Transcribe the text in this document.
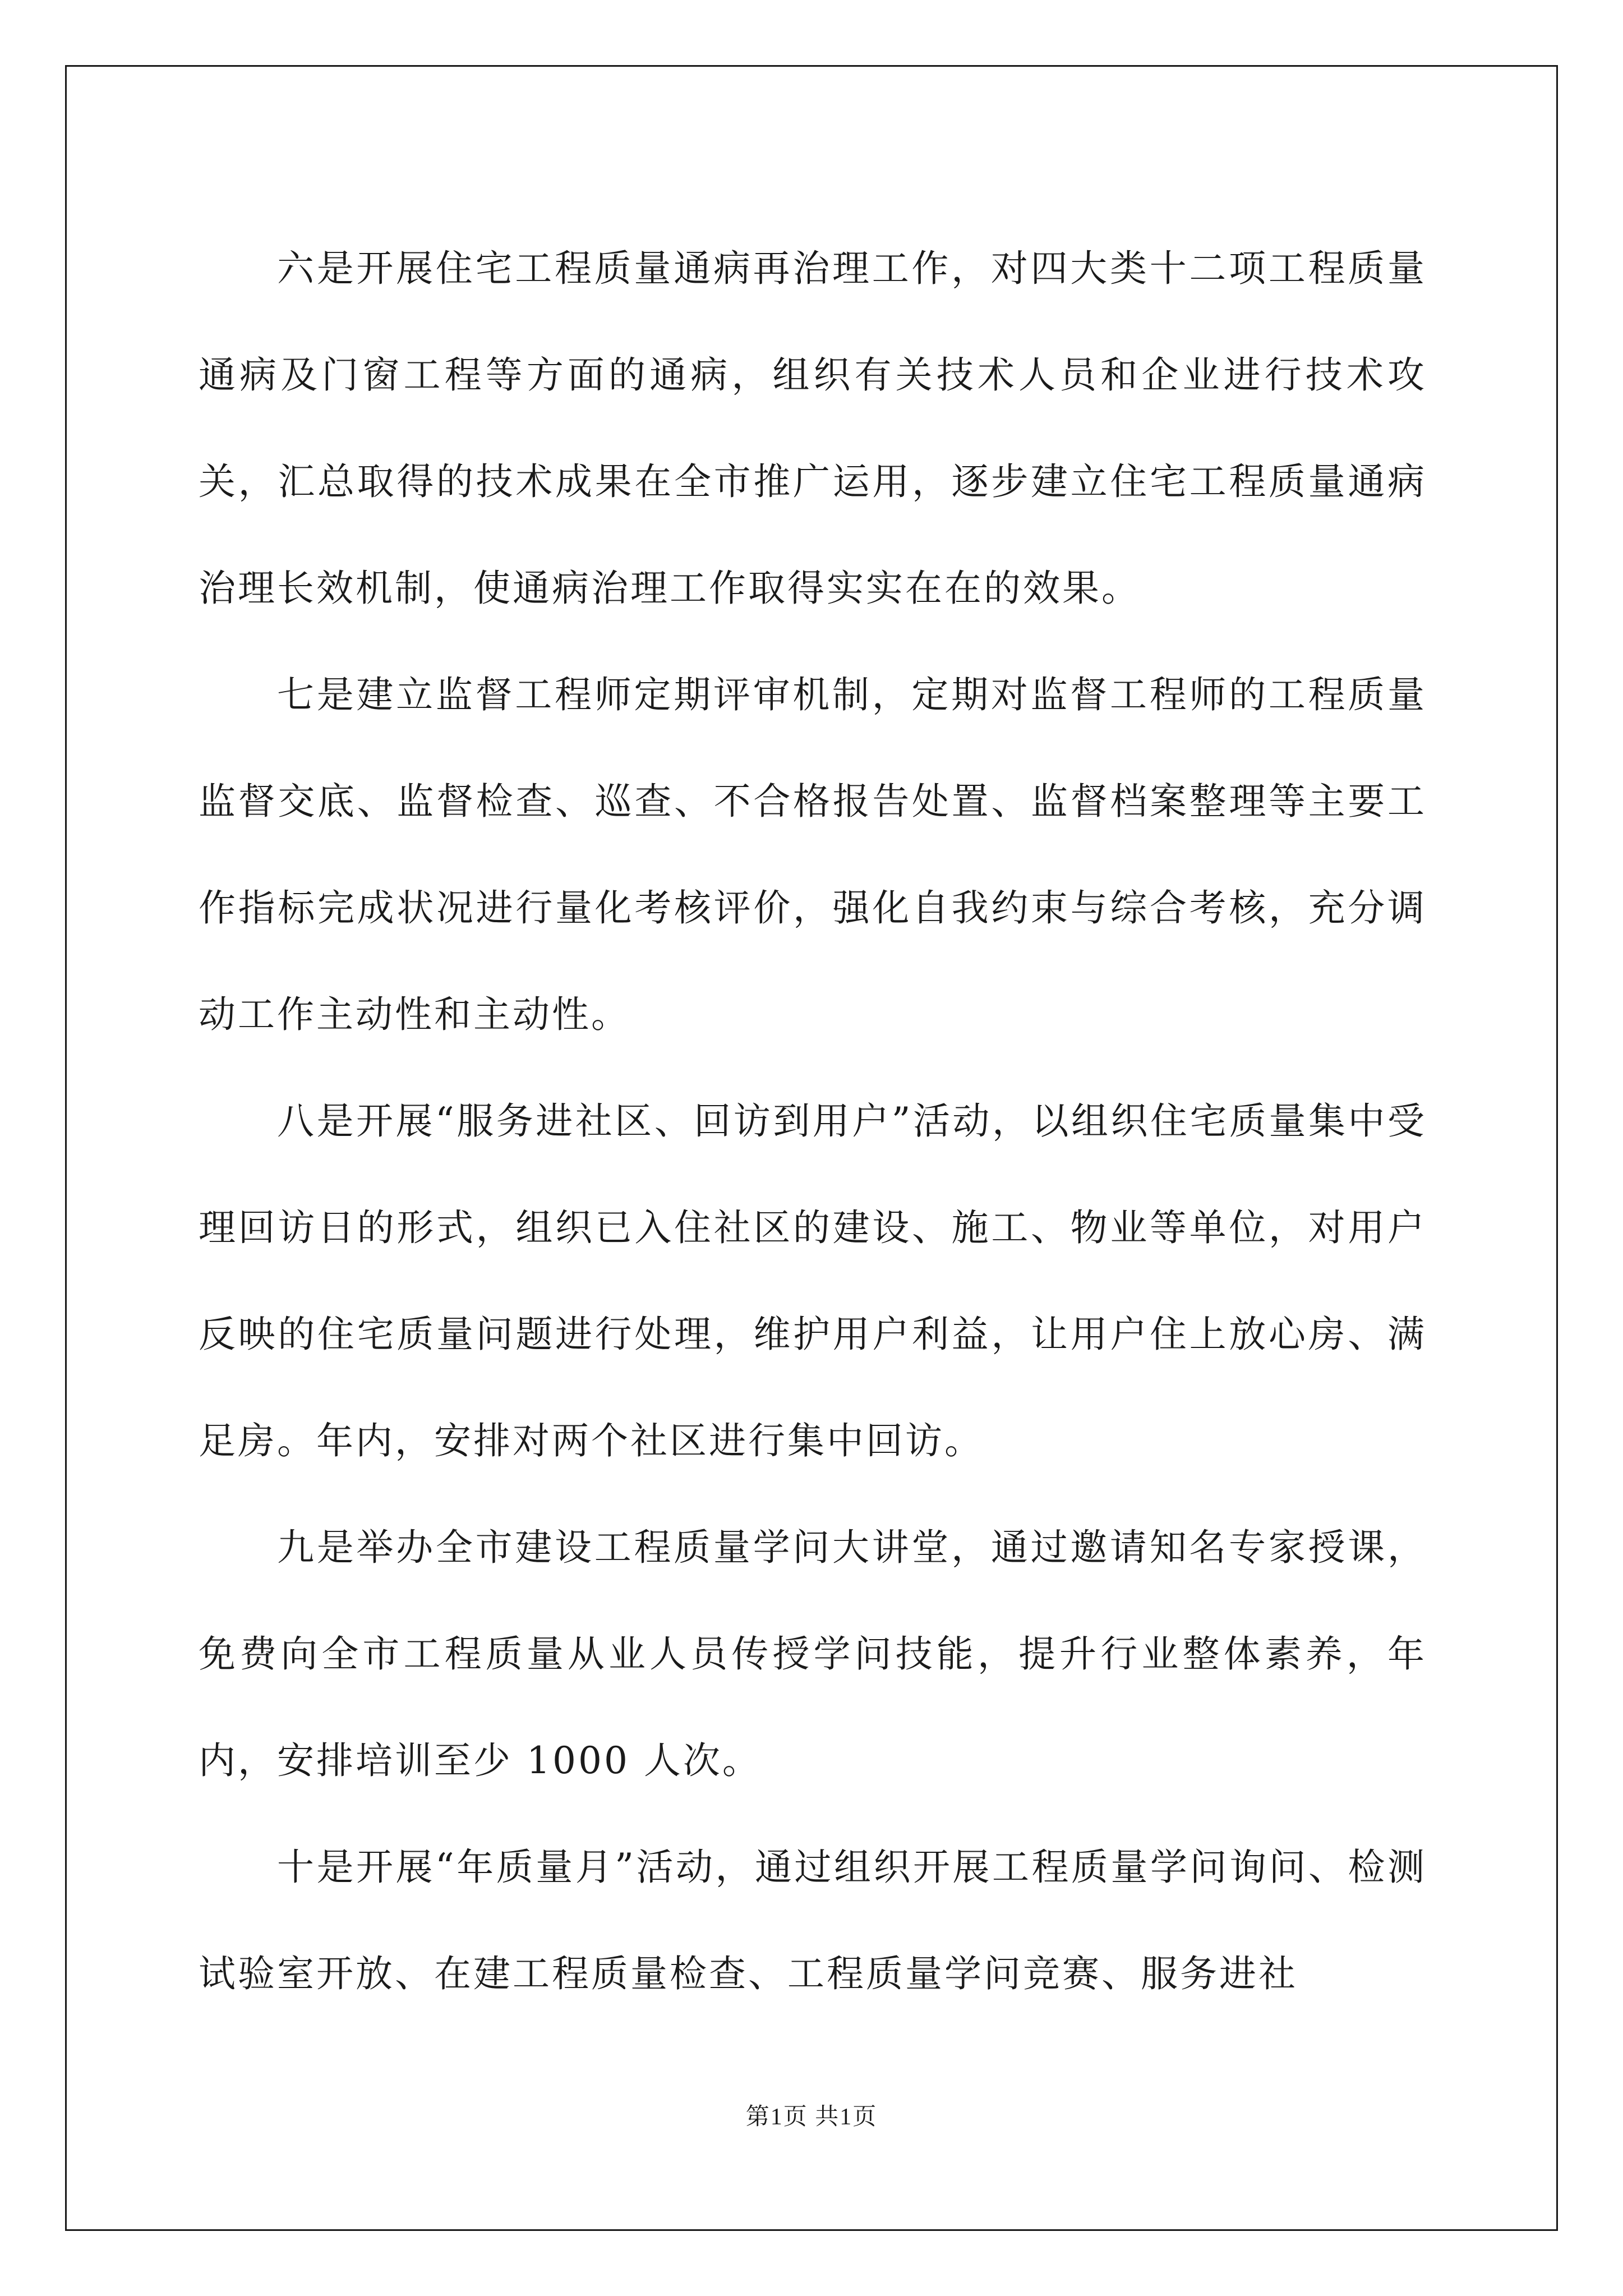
六是开展住宅工程质量通病再治理工作，对四大类十二项工程质量通病及门窗工程等方面的通病，组织有关技术人员和企业进行技术攻关，汇总取得的技术成果在全市推广运用，逐步建立住宅工程质量通病治理长效机制，使通病治理工作取得实实在在的效果。

七是建立监督工程师定期评审机制，定期对监督工程师的工程质量监督交底、监督检查、巡查、不合格报告处置、监督档案整理等主要工作指标完成状况进行量化考核评价，强化自我约束与综合考核，充分调动工作主动性和主动性。

八是开展“服务进社区、回访到用户”活动，以组织住宅质量集中受理回访日的形式，组织已入住社区的建设、施工、物业等单位，对用户反映的住宅质量问题进行处理，维护用户利益，让用户住上放心房、满足房。年内，安排对两个社区进行集中回访。

九是举办全市建设工程质量学问大讲堂，通过邀请知名专家授课，免费向全市工程质量从业人员传授学问技能，提升行业整体素养，年内，安排培训至少 1000 人次。

十是开展“年质量月”活动，通过组织开展工程质量学问询问、检测试验室开放、在建工程质量检查、工程质量学问竞赛、服务进社

第1页 共1页
